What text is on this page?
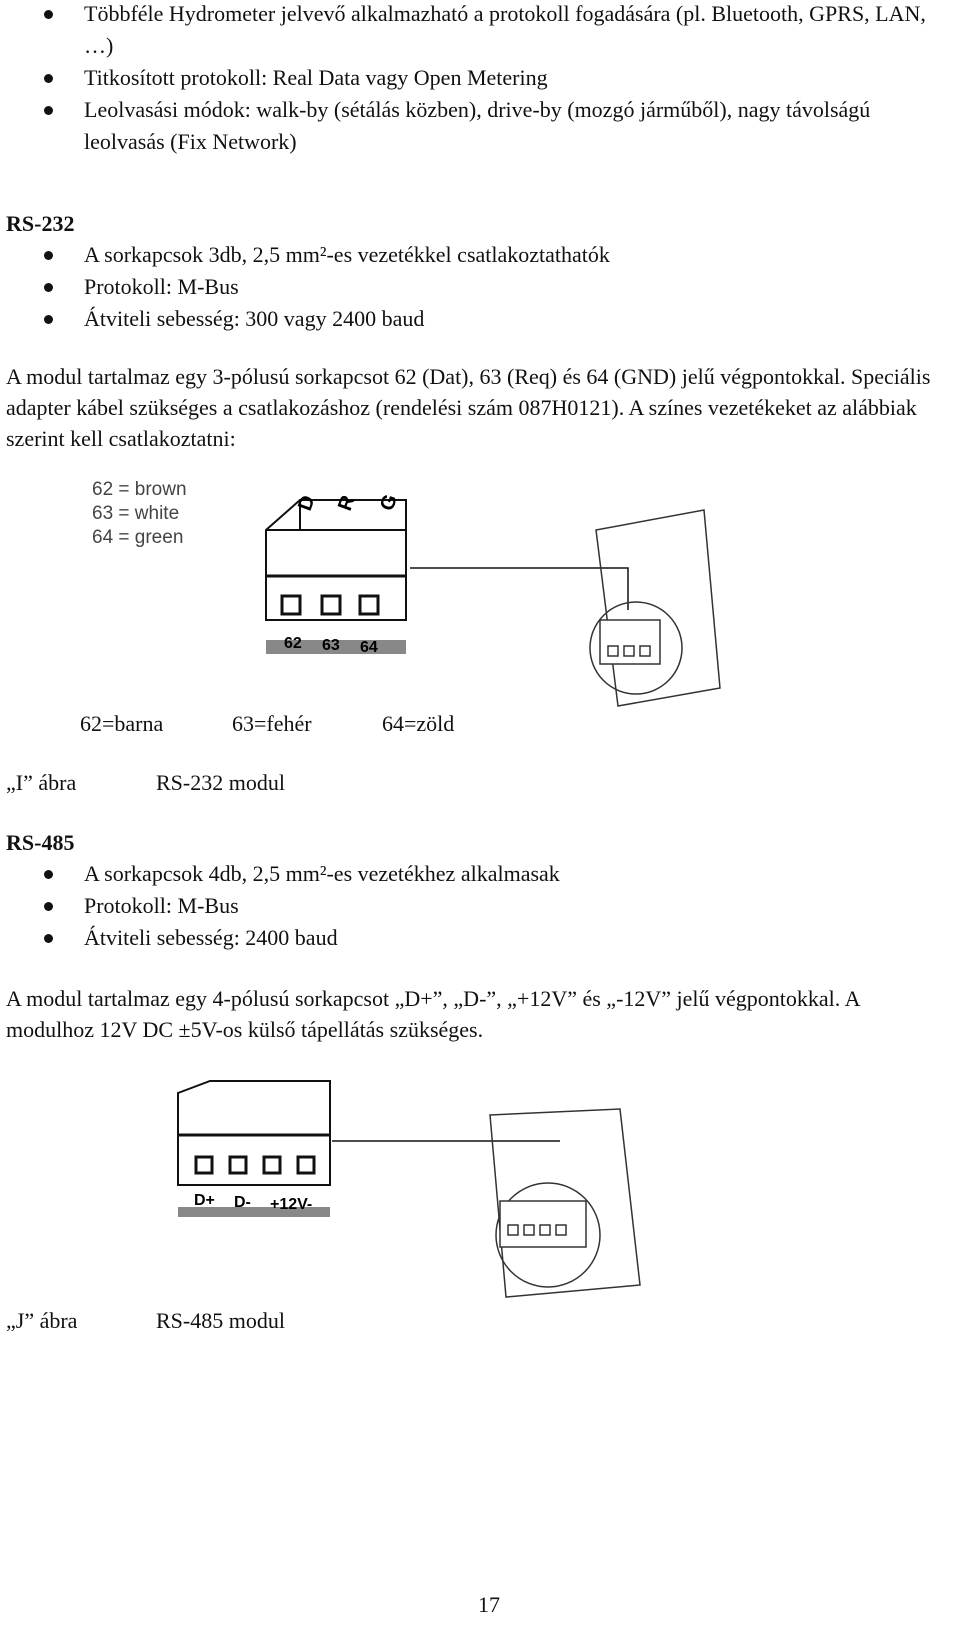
Többféle Hydrometer jelvevő alkalmazható a protokoll fogadására (pl. Bluetooth, GPRS, LAN, …)
Titkosított protokoll: Real Data vagy Open Metering
Leolvasási módok: walk-by (sétálás közben), drive-by (mozgó járműből), nagy távolságú leolvasás (Fix Network)
RS-232
A sorkapcsok 3db, 2,5 mm²-es vezetékkel csatlakoztathatók
Protokoll: M-Bus
Átviteli sebesség: 300 vagy 2400 baud
A modul tartalmaz egy 3-pólusú sorkapcsot 62 (Dat), 63 (Req) és 64 (GND) jelű végpontokkal. Speciális adapter kábel szükséges a csatlakozáshoz (rendelési szám 087H0121). A színes vezetékeket az alábbiak szerint kell csatlakoztatni:
62 = brown
63 = white
64 = green
D R G
62 63 64
62=barna	63=fehér	64=zöld
„I” ábra	RS-232 modul
RS-485
A sorkapcsok 4db, 2,5 mm²-es vezetékhez alkalmasak
Protokoll: M-Bus
Átviteli sebesség: 2400 baud
A modul tartalmaz egy 4-pólusú sorkapcsot „D+”, „D-”, „+12V” és „-12V” jelű végpontokkal. A modulhoz 12V DC ±5V-os külső tápellátás szükséges.
D+ D- +12V-
„J” ábra	RS-485 modul
17
